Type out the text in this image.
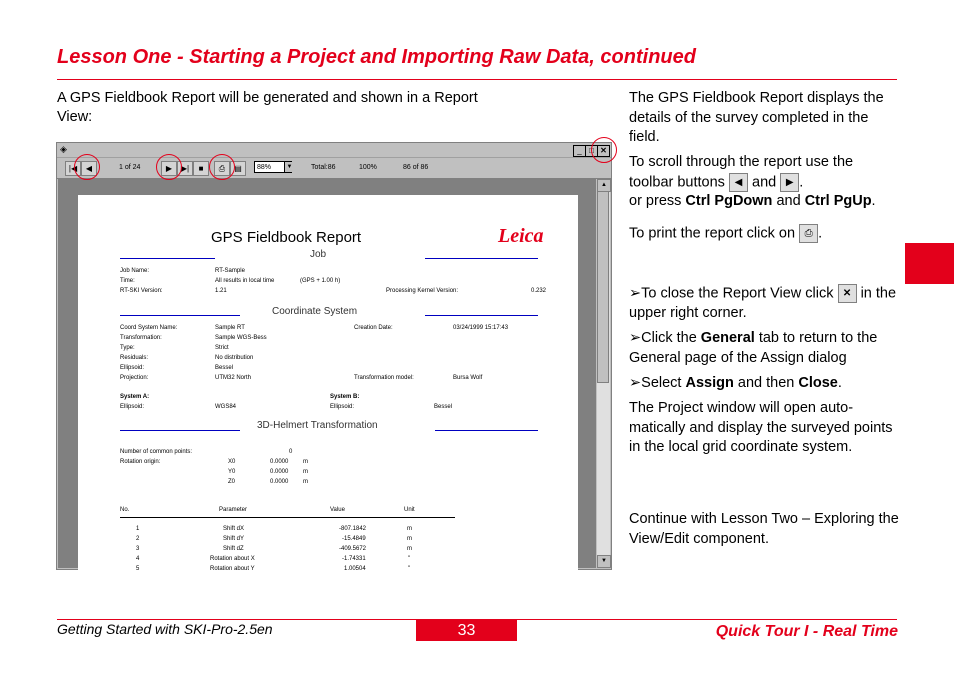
Lesson One - Starting a Project and Importing Raw Data, continued
A GPS Fieldbook Report will be generated and shown in a Report View:
◈	_ □ ✕
|◀	◀	1 of 24	▶	▶|	■	⎙	▤	88%	▼	Total:86	100%	86 of 86
GPS Fieldbook Report	Leica
Job
Job Name:	RT-Sample
Time:	All results in local time	(GPS + 1.00 h)
RT-SKI Version:	1.21	Processing Kernel Version:	0.232
Coordinate System
Coord System Name:	Sample RT	Creation Date:	03/24/1999 15:17:43
Transformation:	Sample WGS-Bess
Type:	Strict
Residuals:	No distribution
Ellipsoid:	Bessel
Projection:	UTM32 North	Transformation model:	Bursa Wolf
System A:	System B:
Ellipsoid:	WGS84	Ellipsoid:	Bessel
3D-Helmert Transformation
Number of common points:	0
Rotation origin:	X0	0.0000 m
Y0	0.0000 m
Z0	0.0000 m
No.	Parameter	Value	Unit
1	Shift dX	-807.1842	m
2	Shift dY	-15.4849	m
3	Shift dZ	-409.5672	m
4	Rotation about X	-1.74331	"
5	Rotation about Y	1.00504	"
▲
▼
The GPS Fieldbook Report displays the details of the survey completed in the field.
To scroll through the report use the toolbar buttons ◀ and ▶ .
or press Ctrl PgDown and Ctrl PgUp.
To print the report click on ⎙ .
➢To close the Report View click ✕ in the upper right corner.
➢Click the General tab to return to the General page of the Assign dialog
➢Select Assign and then Close.
The Project window will open auto-matically and display the surveyed points in the local grid coordinate system.
Continue with Lesson Two – Exploring the View/Edit component.
Getting Started with SKI-Pro-2.5en	33	Quick Tour I - Real Time
